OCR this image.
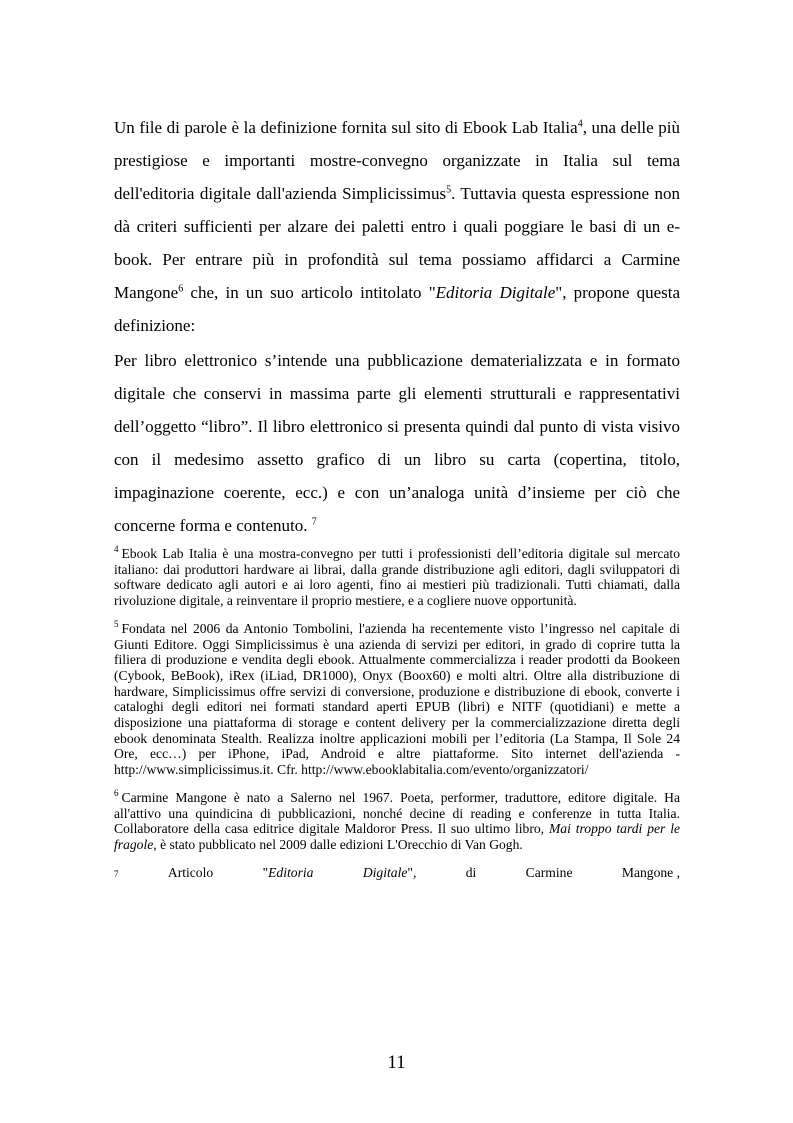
Un file di parole è la definizione fornita sul sito di Ebook Lab Italia$^4$, una delle più prestigiose e importanti mostre-convegno organizzate in Italia sul tema dell'editoria digitale dall'azienda Simplicissimus$^5$. Tuttavia questa espressione non dà criteri sufficienti per alzare dei paletti entro i quali poggiare le basi di un e-book. Per entrare più in profondità sul tema possiamo affidarci a Carmine Mangone$^6$ che, in un suo articolo intitolato "Editoria Digitale", propone questa definizione:

Per libro elettronico s’intende una pubblicazione dematerializzata e in formato digitale che conservi in massima parte gli elementi strutturali e rappresentativi dell’oggetto “libro”. Il libro elettronico si presenta quindi dal punto di vista visivo con il medesimo assetto grafico di un libro su carta (copertina, titolo, impaginazione coerente, ecc.) e con un’analoga unità d’insieme per ciò che concerne forma e contenuto. $^7$

$^4$ Ebook Lab Italia è una mostra-convegno per tutti i professionisti dell’editoria digitale sul mercato italiano: dai produttori hardware ai librai, dalla grande distribuzione agli editori, dagli sviluppatori di software dedicato agli autori e ai loro agenti, fino ai mestieri più tradizionali. Tutti chiamati, dalla rivoluzione digitale, a reinventare il proprio mestiere, e a cogliere nuove opportunità.

$^5$ Fondata nel 2006 da Antonio Tombolini, l'azienda ha recentemente visto l’ingresso nel capitale di Giunti Editore. Oggi Simplicissimus è una azienda di servizi per editori, in grado di coprire tutta la filiera di produzione e vendita degli ebook. Attualmente commercializza i reader prodotti da Bookeen (Cybook, BeBook), iRex (iLiad, DR1000), Onyx (Boox60) e molti altri. Oltre alla distribuzione di hardware, Simplicissimus offre servizi di conversione, produzione e distribuzione di ebook, converte i cataloghi degli editori nei formati standard aperti EPUB (libri) e NITF (quotidiani) e mette a disposizione una piattaforma di storage e content delivery per la commercializzazione diretta degli ebook denominata Stealth. Realizza inoltre applicazioni mobili per l’editoria (La Stampa, Il Sole 24 Ore, ecc…) per iPhone, iPad, Android e altre piattaforme. Sito internet dell'azienda - http://www.simplicissimus.it. Cfr. http://www.ebooklabitalia.com/evento/organizzatori/

$^6$ Carmine Mangone è nato a Salerno nel 1967. Poeta, performer, traduttore, editore digitale. Ha all'attivo una quindicina di pubblicazioni, nonché decine di reading e conferenze in tutta Italia. Collaboratore della casa editrice digitale Maldoror Press. Il suo ultimo libro, Mai troppo tardi per le fragole, è stato pubblicato nel 2009 dalle edizioni L'Orecchio di Van Gogh.

7	Articolo	"Editoria	Digitale",	di	Carmine	Mangone ,
11
